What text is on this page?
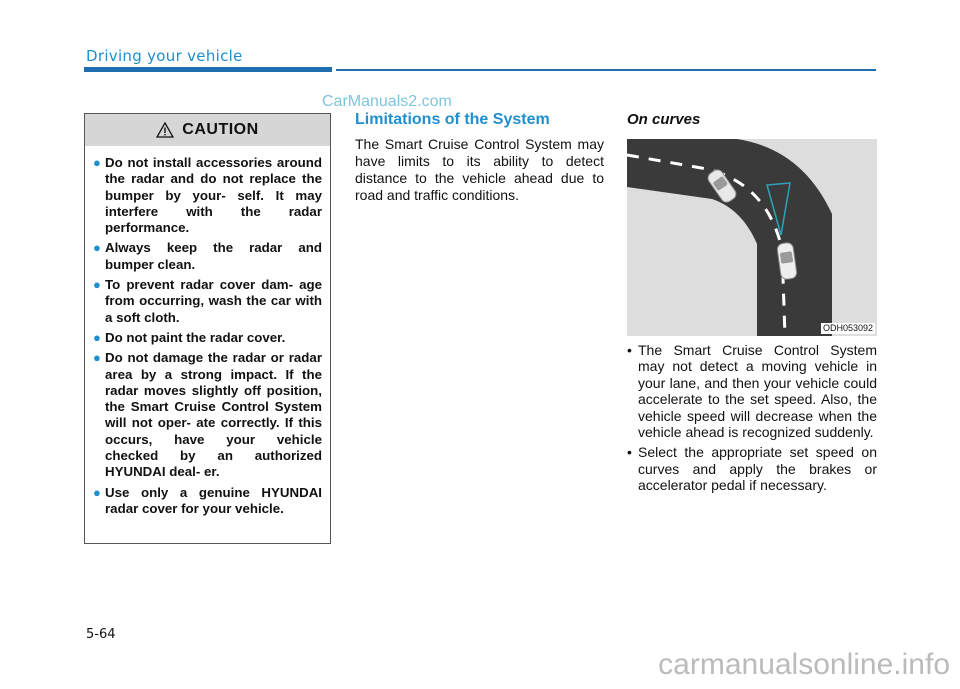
Driving your vehicle
CarManuals2.com
CAUTION
● Do not install accessories around the radar and do not replace the bumper by your- self. It may interfere with the radar performance.
● Always keep the radar and bumper clean.
● To prevent radar cover dam- age from occurring, wash the car with a soft cloth.
● Do not paint the radar cover.
● Do not damage the radar or radar area by a strong impact. If the radar moves slightly off position, the Smart Cruise Control System will not oper- ate correctly. If this occurs, have your vehicle checked by an authorized HYUNDAI deal- er.
● Use only a genuine HYUNDAI radar cover for your vehicle.
Limitations of the System
The Smart Cruise Control System may have limits to its ability to detect distance to the vehicle ahead due to road and traffic conditions.
On curves
ODH053092
• The Smart Cruise Control System may not detect a moving vehicle in your lane, and then your vehicle could accelerate to the set speed. Also, the vehicle speed will decrease when the vehicle ahead is recognized suddenly.
• Select the appropriate set speed on curves and apply the brakes or accelerator pedal if necessary.
5-64
carmanualsonline.info
